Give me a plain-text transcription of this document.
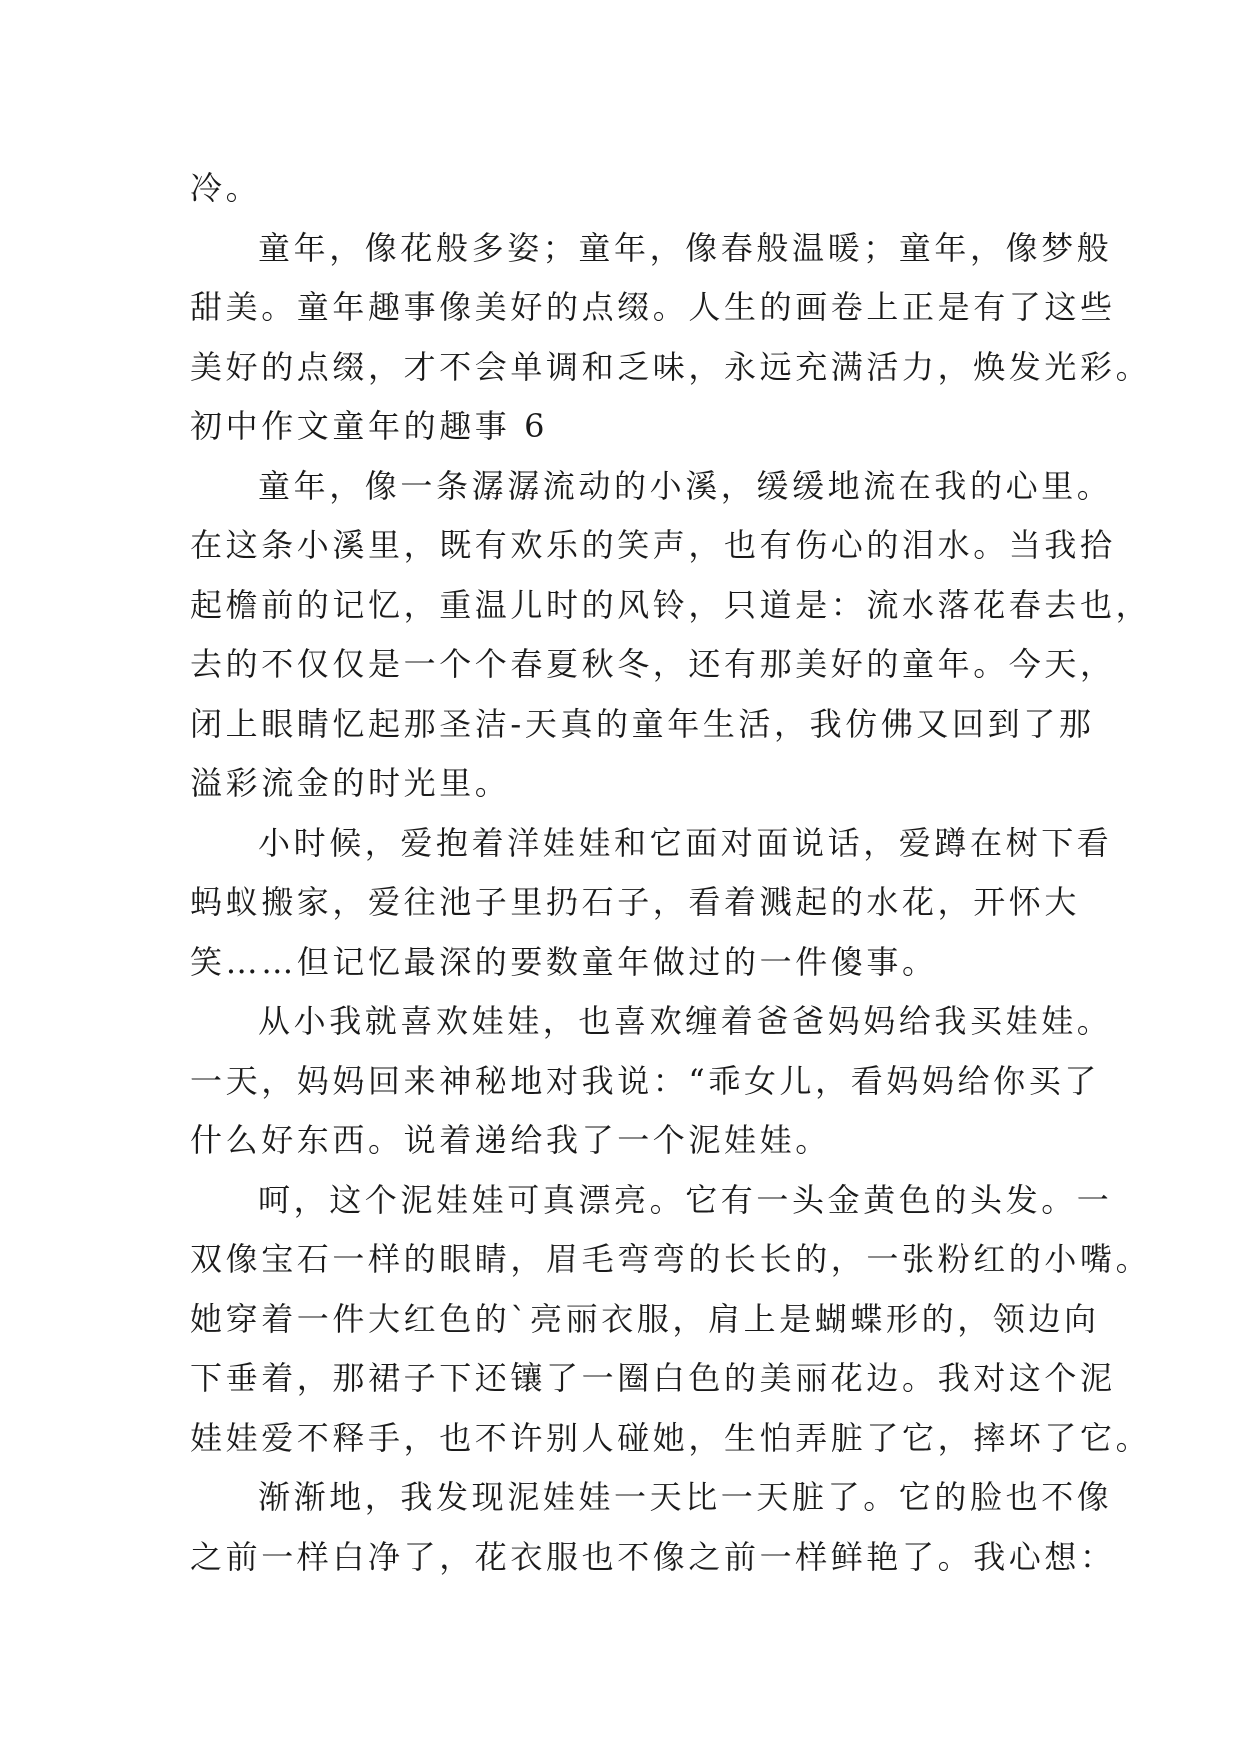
冷。
童年，像花般多姿；童年，像春般温暖；童年，像梦般
甜美。童年趣事像美好的点缀。人生的画卷上正是有了这些
美好的点缀，才不会单调和乏味，永远充满活力，焕发光彩。
初中作文童年的趣事 6
童年，像一条潺潺流动的小溪，缓缓地流在我的心里。
在这条小溪里，既有欢乐的笑声，也有伤心的泪水。当我拾
起檐前的记忆，重温儿时的风铃，只道是：流水落花春去也，
去的不仅仅是一个个春夏秋冬，还有那美好的童年。今天，
闭上眼睛忆起那圣洁-天真的童年生活，我仿佛又回到了那
溢彩流金的时光里。
小时候，爱抱着洋娃娃和它面对面说话，爱蹲在树下看
蚂蚁搬家，爱往池子里扔石子，看着溅起的水花，开怀大
笑……但记忆最深的要数童年做过的一件傻事。
从小我就喜欢娃娃，也喜欢缠着爸爸妈妈给我买娃娃。
一天，妈妈回来神秘地对我说：“乖女儿，看妈妈给你买了
什么好东西。说着递给我了一个泥娃娃。
呵，这个泥娃娃可真漂亮。它有一头金黄色的头发。一
双像宝石一样的眼睛，眉毛弯弯的长长的，一张粉红的小嘴。
她穿着一件大红色的`亮丽衣服，肩上是蝴蝶形的，领边向
下垂着，那裙子下还镶了一圈白色的美丽花边。我对这个泥
娃娃爱不释手，也不许别人碰她，生怕弄脏了它，摔坏了它。
渐渐地，我发现泥娃娃一天比一天脏了。它的脸也不像
之前一样白净了，花衣服也不像之前一样鲜艳了。我心想：
